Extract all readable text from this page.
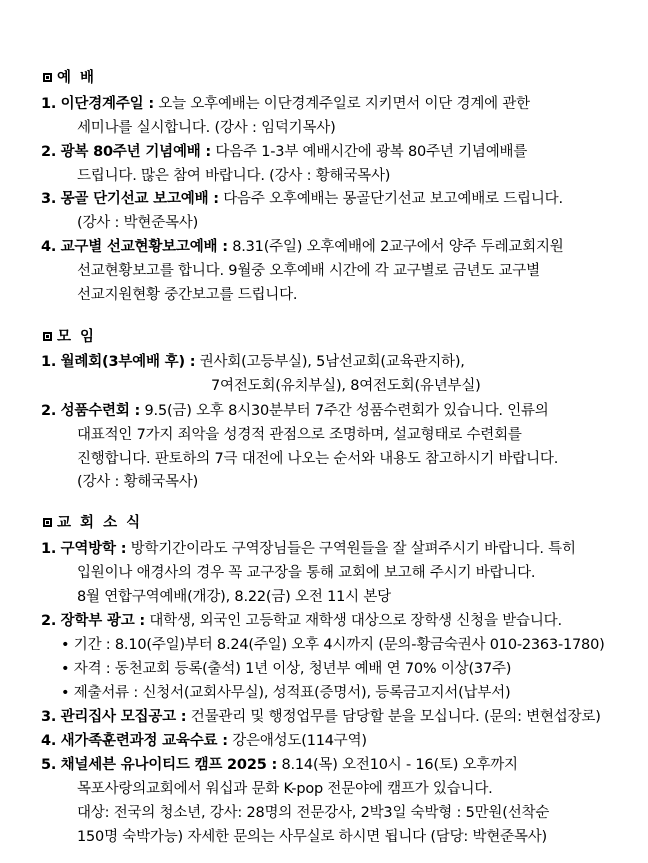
예 배
1. 이단경계주일 : 오늘 오후예배는 이단경계주일로 지키면서 이단 경계에 관한
세미나를 실시합니다. (강사 : 임덕기목사)
2. 광복 80주년 기념예배 : 다음주 1-3부 예배시간에 광복 80주년 기념예배를
드립니다. 많은 참여 바랍니다. (강사 : 황해국목사)
3. 몽골 단기선교 보고예배 : 다음주 오후예배는 몽골단기선교 보고예배로 드립니다.
(강사 : 박현준목사)
4. 교구별 선교현황보고예배 : 8.31(주일) 오후예배에 2교구에서 양주 두레교회지원
선교현황보고를 합니다. 9월중 오후예배 시간에 각 교구별로 금년도 교구별
선교지원현황 중간보고를 드립니다.
모 임
1. 월례회(3부예배 후) : 권사회(고등부실), 5남선교회(교육관지하),
7여전도회(유치부실), 8여전도회(유년부실)
2. 성품수련회 : 9.5(금) 오후 8시30분부터 7주간 성품수련회가 있습니다. 인류의
대표적인 7가지 죄악을 성경적 관점으로 조명하며, 설교형태로 수련회를
진행합니다. 판토하의 7극 대전에 나오는 순서와 내용도 참고하시기 바랍니다.
(강사 : 황해국목사)
교 회 소 식
1. 구역방학 : 방학기간이라도 구역장님들은 구역원들을 잘 살펴주시기 바랍니다. 특히
입원이나 애경사의 경우 꼭 교구장을 통해 교회에 보고해 주시기 바랍니다.
8월 연합구역예배(개강), 8.22(금) 오전 11시 본당
2. 장학부 광고 : 대학생, 외국인 고등학교 재학생 대상으로 장학생 신청을 받습니다.
• 기간 : 8.10(주일)부터 8.24(주일) 오후 4시까지 (문의-황금숙권사 010-2363-1780)
• 자격 : 동천교회 등록(출석) 1년 이상, 청년부 예배 연 70% 이상(37주)
• 제출서류 : 신청서(교회사무실), 성적표(증명서), 등록금고지서(납부서)
3. 관리집사 모집공고 : 건물관리 및 행정업무를 담당할 분을 모십니다. (문의: 변현섭장로)
4. 새가족훈련과정 교육수료 : 강은애성도(114구역)
5. 채널세븐 유나이티드 캠프 2025 : 8.14(목) 오전10시 - 16(토) 오후까지
목포사랑의교회에서 워십과 문화 K-pop 전문야에 캠프가 있습니다.
대상: 전국의 청소년, 강사: 28명의 전문강사, 2박3일 숙박형 : 5만원(선착순
150명 숙박가능) 자세한 문의는 사무실로 하시면 됩니다 (담당: 박현준목사)
